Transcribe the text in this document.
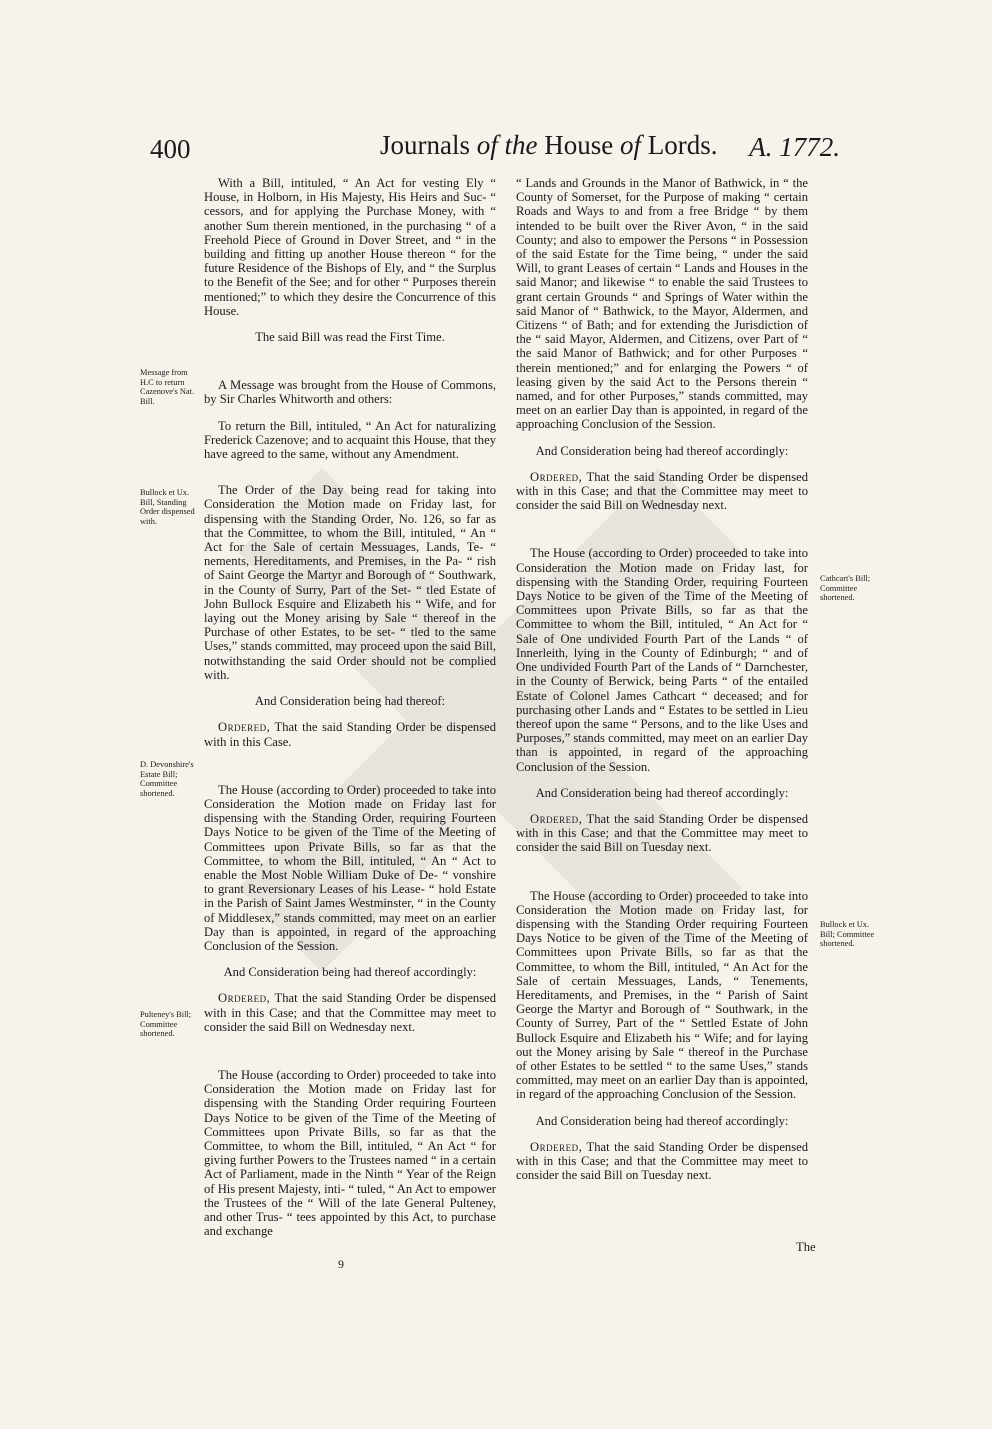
400	Journals of the House of Lords. A. 1772.
Message from H.C to return Cazenove's Nat. Bill.
Bullock et Ux. Bill, Standing Order dispensed with.
D. Devonshire's Estate Bill; Committee shortened.
Pulteney's Bill; Committee shortened.
Cathcart's Bill; Committee shortened.
Bullock et Ux. Bill; Committee shortened.

With a Bill, intituled, “ An Act for vesting Ely “ House, in Holborn, in His Majesty, His Heirs and Suc- “ cessors, and for applying the Purchase Money, with “ another Sum therein mentioned, in the purchasing “ of a Freehold Piece of Ground in Dover Street, and “ in the building and fitting up another House thereon “ for the future Residence of the Bishops of Ely, and “ the Surplus to the Benefit of the See; and for other “ Purposes therein mentioned;” to which they desire the Concurrence of this House.

The said Bill was read the First Time.

A Message was brought from the House of Commons, by Sir Charles Whitworth and others:

To return the Bill, intituled, “ An Act for naturalizing Frederick Cazenove; and to acquaint this House, that they have agreed to the same, without any Amendment.

The Order of the Day being read for taking into Consideration the Motion made on Friday last, for dispensing with the Standing Order, No. 126, so far as that the Committee, to whom the Bill, intituled, “ An “ Act for the Sale of certain Messuages, Lands, Te- “ nements, Hereditaments, and Premises, in the Pa- “ rish of Saint George the Martyr and Borough of “ Southwark, in the County of Surry, Part of the Set- “ tled Estate of John Bullock Esquire and Elizabeth his “ Wife, and for laying out the Money arising by Sale “ thereof in the Purchase of other Estates, to be set- “ tled to the same Uses,” stands committed, may proceed upon the said Bill, notwithstanding the said Order should not be complied with.

And Consideration being had thereof:

Ordered, That the said Standing Order be dispensed with in this Case.

The House (according to Order) proceeded to take into Consideration the Motion made on Friday last for dispensing with the Standing Order, requiring Fourteen Days Notice to be given of the Time of the Meeting of Committees upon Private Bills, so far as that the Committee, to whom the Bill, intituled, “ An “ Act to enable the Most Noble William Duke of De- “ vonshire to grant Reversionary Leases of his Lease- “ hold Estate in the Parish of Saint James Westminster, “ in the County of Middlesex,” stands committed, may meet on an earlier Day than is appointed, in regard of the approaching Conclusion of the Session.

And Consideration being had thereof accordingly:

Ordered, That the said Standing Order be dispensed with in this Case; and that the Committee may meet to consider the said Bill on Wednesday next.

The House (according to Order) proceeded to take into Consideration the Motion made on Friday last for dispensing with the Standing Order requiring Fourteen Days Notice to be given of the Time of the Meeting of Committees upon Private Bills, so far as that the Committee, to whom the Bill, intituled, “ An Act “ for giving further Powers to the Trustees named “ in a certain Act of Parliament, made in the Ninth “ Year of the Reign of His present Majesty, inti- “ tuled, “ An Act to empower the Trustees of the “ Will of the late General Pulteney, and other Trus- “ tees appointed by this Act, to purchase and exchange

“ Lands and Grounds in the Manor of Bathwick, in “ the County of Somerset, for the Purpose of making “ certain Roads and Ways to and from a free Bridge “ by them intended to be built over the River Avon, “ in the said County; and also to empower the Persons “ in Possession of the said Estate for the Time being, “ under the said Will, to grant Leases of certain “ Lands and Houses in the said Manor; and likewise “ to enable the said Trustees to grant certain Grounds “ and Springs of Water within the said Manor of “ Bathwick, to the Mayor, Aldermen, and Citizens “ of Bath; and for extending the Jurisdiction of the “ said Mayor, Aldermen, and Citizens, over Part of “ the said Manor of Bathwick; and for other Purposes “ therein mentioned;” and for enlarging the Powers “ of leasing given by the said Act to the Persons therein “ named, and for other Purposes,” stands committed, may meet on an earlier Day than is appointed, in regard of the approaching Conclusion of the Session.

And Consideration being had thereof accordingly:

Ordered, That the said Standing Order be dispensed with in this Case; and that the Committee may meet to consider the said Bill on Wednesday next.

The House (according to Order) proceeded to take into Consideration the Motion made on Friday last, for dispensing with the Standing Order, requiring Fourteen Days Notice to be given of the Time of the Meeting of Committees upon Private Bills, so far as that the Committee to whom the Bill, intituled, “ An Act for “ Sale of One undivided Fourth Part of the Lands “ of Innerleith, lying in the County of Edinburgh; “ and of One undivided Fourth Part of the Lands of “ Darnchester, in the County of Berwick, being Parts “ of the entailed Estate of Colonel James Cathcart “ deceased; and for purchasing other Lands and “ Estates to be settled in Lieu thereof upon the same “ Persons, and to the like Uses and Purposes,” stands committed, may meet on an earlier Day than is appointed, in regard of the approaching Conclusion of the Session.

And Consideration being had thereof accordingly:

Ordered, That the said Standing Order be dispensed with in this Case; and that the Committee may meet to consider the said Bill on Tuesday next.

The House (according to Order) proceeded to take into Consideration the Motion made on Friday last, for dispensing with the Standing Order requiring Fourteen Days Notice to be given of the Time of the Meeting of Committees upon Private Bills, so far as that the Committee, to whom the Bill, intituled, “ An Act for the Sale of certain Messuages, Lands, “ Tenements, Hereditaments, and Premises, in the “ Parish of Saint George the Martyr and Borough of “ Southwark, in the County of Surrey, Part of the “ Settled Estate of John Bullock Esquire and Elizabeth his “ Wife; and for laying out the Money arising by Sale “ thereof in the Purchase of other Estates to be settled “ to the same Uses,” stands committed, may meet on an earlier Day than is appointed, in regard of the approaching Conclusion of the Session.

And Consideration being had thereof accordingly:

Ordered, That the said Standing Order be dispensed with in this Case; and that the Committee may meet to consider the said Bill on Tuesday next.

9
The
